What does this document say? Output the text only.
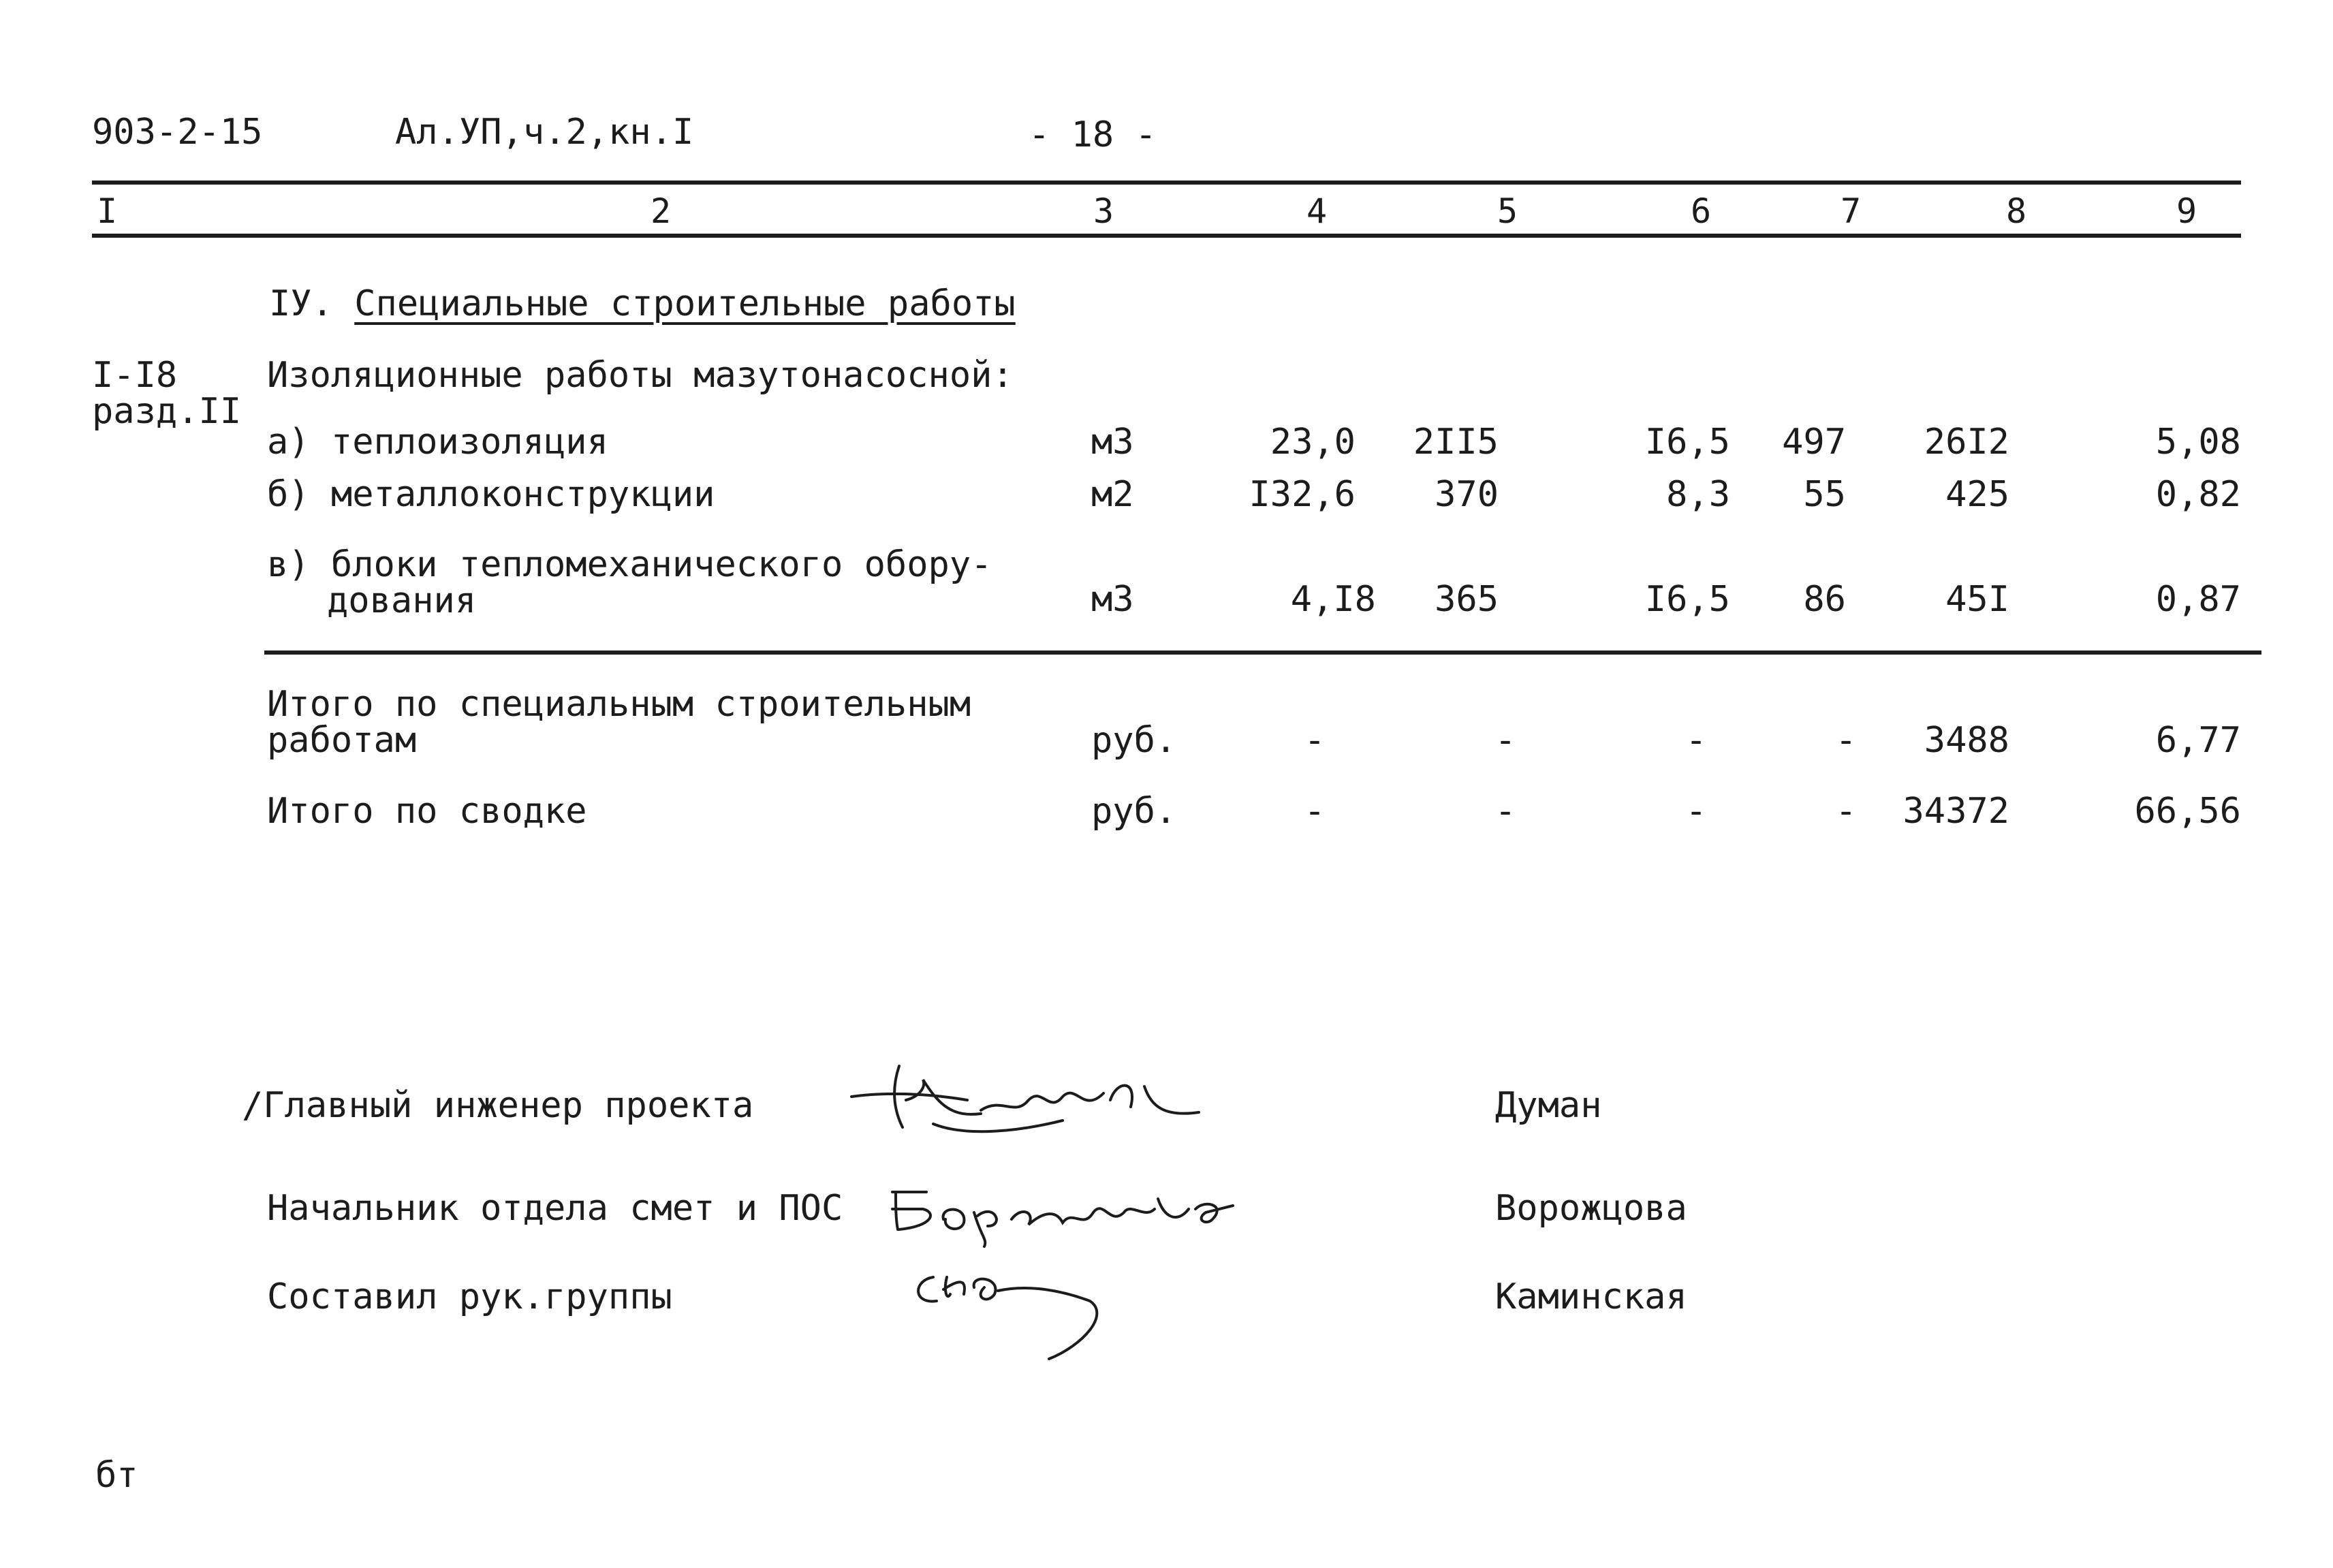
903-2-15	Ал.УП,ч.2,кн.I	- 18 -
I	2	3	4	5	6	7	8	9
IУ. Специальные строительные работы
I-I8
разд.II
Изоляционные работы мазутонасосной:
а) теплоизоляция	м3	23,0	2II5	I6,5	497	26I2	5,08
б) металлоконструкции	м2	I32,6	370	8,3	55	425	0,82
в) блоки тепломеханического обору-
дования	м3	4,I8	365	I6,5	86	45I	0,87
Итого по специальным строительным
работам	руб.	-	-	-	-	3488	6,77
Итого по сводке	руб.	-	-	-	-	34372	66,56
/Главный инженер проекта	Думан
Начальник отдела смет и ПОС	Ворожцова
Составил рук.группы	Каминская
бт
